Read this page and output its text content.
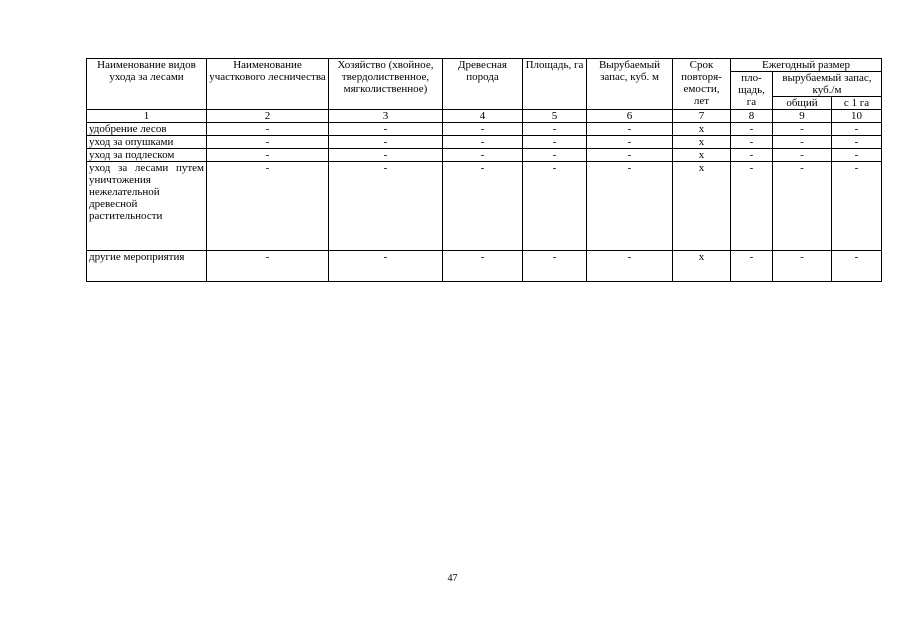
Наименование видов ухода за лесами	Наименование участкового лесничества	Хозяйство (хвойное, твердолиственное, мягколиственное)	Древесная порода	Площадь, га	Вырубаемый запас, куб. м	Срок повторя-емости, лет	Ежегодный размер		
							пло-щадь, га	вырубаемый запас, куб./м	
								общий	с 1 га
1	2	3	4	5	6	7	8	9	10
удобрение лесов	-	-	-	-	-	х	-	-	-
уход за опушками	-	-	-	-	-	х	-	-	-
уход за подлеском	-	-	-	-	-	х	-	-	-
уход за лесами путем уничтожения нежелательной древесной растительности	-	-	-	-	-	х	-	-	-
другие мероприятия	-	-	-	-	-	х	-	-	-
47
